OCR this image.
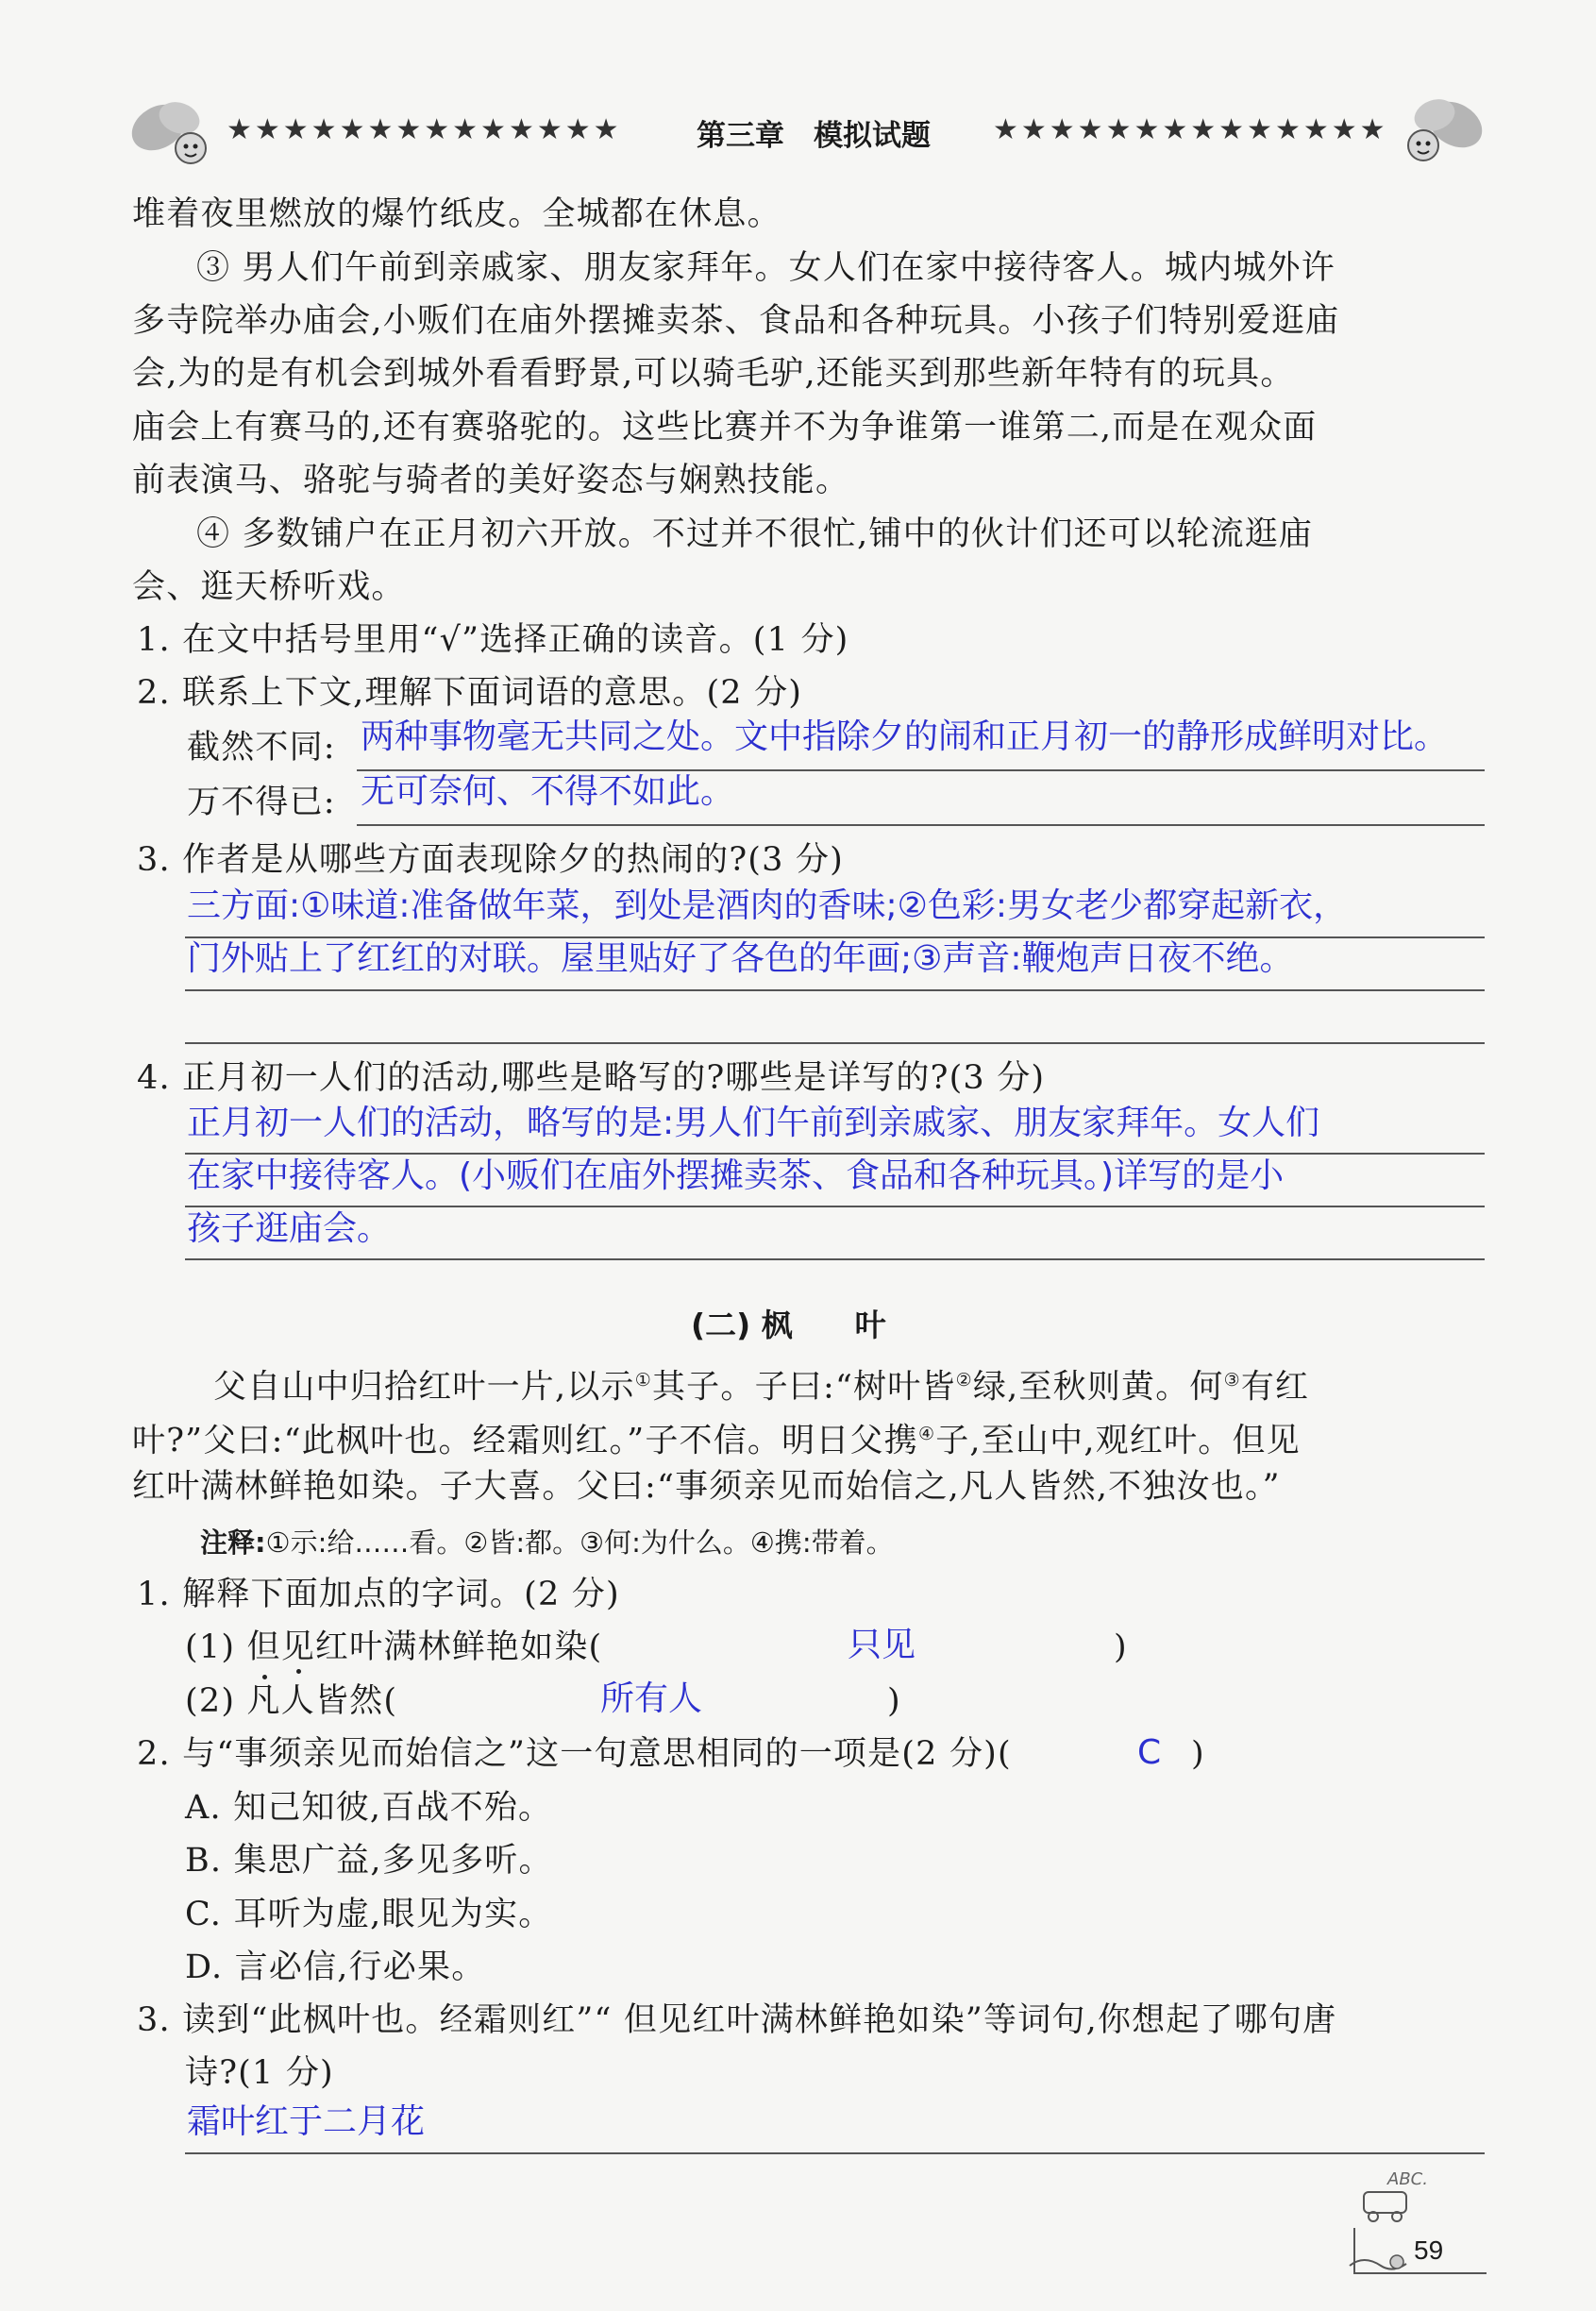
★★★★★★★★★★★★★★	第三章　模拟试题 ★★★★★★★★★★★★★★
堆着夜里燃放的爆竹纸皮。全城都在休息。
③ 男人们午前到亲戚家、朋友家拜年。女人们在家中接待客人。城内城外许
多寺院举办庙会,小贩们在庙外摆摊卖茶、食品和各种玩具。小孩子们特别爱逛庙
会,为的是有机会到城外看看野景,可以骑毛驴,还能买到那些新年特有的玩具。
庙会上有赛马的,还有赛骆驼的。这些比赛并不为争谁第一谁第二,而是在观众面
前表演马、骆驼与骑者的美好姿态与娴熟技能。
④ 多数铺户在正月初六开放。不过并不很忙,铺中的伙计们还可以轮流逛庙
会、逛天桥听戏。
1. 在文中括号里用“√”选择正确的读音。(1 分)
2. 联系上下文,理解下面词语的意思。(2 分)
截然不同: 两种事物毫无共同之处。文中指除夕的闹和正月初一的静形成鲜明对比。
万不得已: 无可奈何、不得不如此。
3. 作者是从哪些方面表现除夕的热闹的?(3 分)
三方面:①味道:准备做年菜，到处是酒肉的香味;②色彩:男女老少都穿起新衣，
门外贴上了红红的对联。屋里贴好了各色的年画;③声音:鞭炮声日夜不绝。
4. 正月初一人们的活动,哪些是略写的?哪些是详写的?(3 分)
正月初一人们的活动，略写的是:男人们午前到亲戚家、朋友家拜年。女人们
在家中接待客人。(小贩们在庙外摆摊卖茶、食品和各种玩具。)详写的是小
孩子逛庙会。
(二) 枫　　叶
父自山中归拾红叶一片,以示①其子。子曰:“树叶皆②绿,至秋则黄。何③有红
叶?”父曰:“此枫叶也。经霜则红。”子不信。明日父携④子,至山中,观红叶。但见
红叶满林鲜艳如染。子大喜。父曰:“事须亲见而始信之,凡人皆然,不独汝也。”
注释:①示:给……看。②皆:都。③何:为什么。④携:带着。
1. 解释下面加点的字词。(2 分)
(1) 但见红叶满林鲜艳如染(	只见	)
(2) 凡人皆然(	所有人	)
2. 与“事须亲见而始信之”这一句意思相同的一项是(2 分)(	C )
A. 知己知彼,百战不殆。
B. 集思广益,多见多听。
C. 耳听为虚,眼见为实。
D. 言必信,行必果。
3. 读到“此枫叶也。经霜则红”“ 但见红叶满林鲜艳如染”等词句,你想起了哪句唐
诗?(1 分)
霜叶红于二月花
ABC.
59
